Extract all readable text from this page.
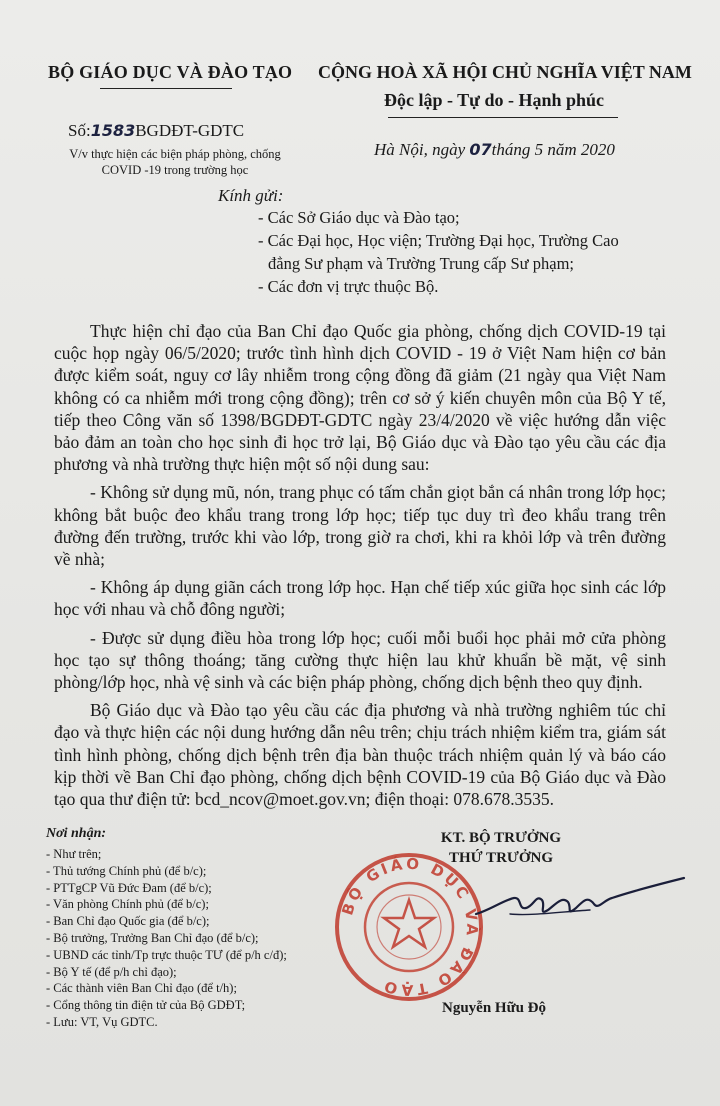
BỘ GIÁO DỤC VÀ ĐÀO TẠO CỘNG HOÀ XÃ HỘI CHỦ NGHĨA VIỆT NAM
Độc lập - Tự do - Hạnh phúc
Số:1583BGDĐT-GDTC
V/v thực hiện các biện pháp phòng, chống
COVID -19 trong trường học
Hà Nội, ngày 07tháng 5 năm 2020
Kính gửi:
- Các Sở Giáo dục và Đào tạo;
- Các Đại học, Học viện; Trường Đại học, Trường Cao
đẳng Sư phạm và Trường Trung cấp Sư phạm;
- Các đơn vị trực thuộc Bộ.

Thực hiện chỉ đạo của Ban Chỉ đạo Quốc gia phòng, chống dịch COVID-19 tại cuộc họp ngày 06/5/2020; trước tình hình dịch COVID - 19 ở Việt Nam hiện cơ bản được kiểm soát, nguy cơ lây nhiễm trong cộng đồng đã giảm (21 ngày qua Việt Nam không có ca nhiễm mới trong cộng đồng); trên cơ sở ý kiến chuyên môn của Bộ Y tế, tiếp theo Công văn số 1398/BGDĐT-GDTC ngày 23/4/2020 về việc hướng dẫn việc bảo đảm an toàn cho học sinh đi học trở lại, Bộ Giáo dục và Đào tạo yêu cầu các địa phương và nhà trường thực hiện một số nội dung sau:

- Không sử dụng mũ, nón, trang phục có tấm chắn giọt bắn cá nhân trong lớp học; không bắt buộc đeo khẩu trang trong lớp học; tiếp tục duy trì đeo khẩu trang trên đường đến trường, trước khi vào lớp, trong giờ ra chơi, khi ra khỏi lớp và trên đường về nhà;

- Không áp dụng giãn cách trong lớp học. Hạn chế tiếp xúc giữa học sinh các lớp học với nhau và chỗ đông người;

- Được sử dụng điều hòa trong lớp học; cuối mỗi buổi học phải mở cửa phòng học tạo sự thông thoáng; tăng cường thực hiện lau khử khuẩn bề mặt, vệ sinh phòng/lớp học, nhà vệ sinh và các biện pháp phòng, chống dịch bệnh theo quy định.

Bộ Giáo dục và Đào tạo yêu cầu các địa phương và nhà trường nghiêm túc chỉ đạo và thực hiện các nội dung hướng dẫn nêu trên; chịu trách nhiệm kiểm tra, giám sát tình hình phòng, chống dịch bệnh trên địa bàn thuộc trách nhiệm quản lý và báo cáo kịp thời về Ban Chỉ đạo phòng, chống dịch bệnh COVID-19 của Bộ Giáo dục và Đào tạo qua thư điện tử: bcd_ncov@moet.gov.vn; điện thoại: 078.678.3535.

Nơi nhận:
- Như trên;
- Thủ tướng Chính phủ (để b/c);
- PTTgCP Vũ Đức Đam (để b/c);
- Văn phòng Chính phủ (để b/c);
- Ban Chỉ đạo Quốc gia (để b/c);
- Bộ trưởng, Trưởng Ban Chỉ đạo (để b/c);
- UBND các tỉnh/Tp trực thuộc TƯ (để p/h c/đ);
- Bộ Y tế (để p/h chỉ đạo);
- Các thành viên Ban Chỉ đạo (để t/h);
- Cổng thông tin điện tử của Bộ GDĐT;
- Lưu: VT, Vụ GDTC.
KT. BỘ TRƯỞNG
THỨ TRƯỞNG
BỘ GIÁO DỤC VÀ ĐÀO TẠO
Nguyễn Hữu Độ
